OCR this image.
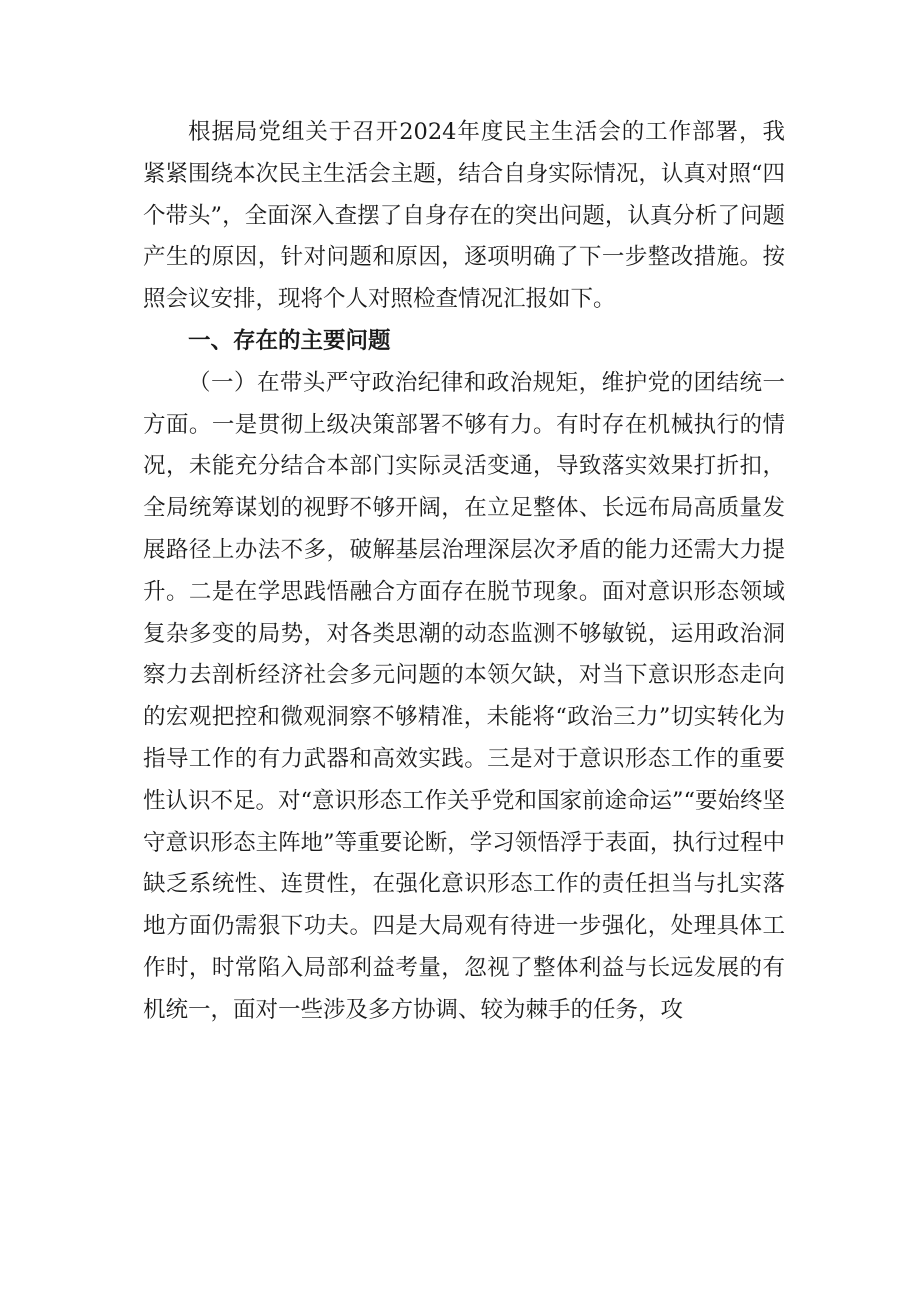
根据局党组关于召开2024年度民主生活会的工作部署，我紧紧围绕本次民主生活会主题，结合自身实际情况，认真对照“四个带头”，全面深入查摆了自身存在的突出问题，认真分析了问题产生的原因，针对问题和原因，逐项明确了下一步整改措施。按照会议安排，现将个人对照检查情况汇报如下。

一、存在的主要问题

（一）在带头严守政治纪律和政治规矩，维护党的团结统一方面。一是贯彻上级决策部署不够有力。有时存在机械执行的情况，未能充分结合本部门实际灵活变通，导致落实效果打折扣，全局统筹谋划的视野不够开阔，在立足整体、长远布局高质量发展路径上办法不多，破解基层治理深层次矛盾的能力还需大力提升。二是在学思践悟融合方面存在脱节现象。面对意识形态领域复杂多变的局势，对各类思潮的动态监测不够敏锐，运用政治洞察力去剖析经济社会多元问题的本领欠缺，对当下意识形态走向的宏观把控和微观洞察不够精准，未能将“政治三力”切实转化为指导工作的有力武器和高效实践。三是对于意识形态工作的重要性认识不足。对“意识形态工作关乎党和国家前途命运”“要始终坚守意识形态主阵地”等重要论断，学习领悟浮于表面，执行过程中缺乏系统性、连贯性，在强化意识形态工作的责任担当与扎实落地方面仍需狠下功夫。四是大局观有待进一步强化，处理具体工作时，时常陷入局部利益考量，忽视了整体利益与长远发展的有机统一，面对一些涉及多方协调、较为棘手的任务，攻
